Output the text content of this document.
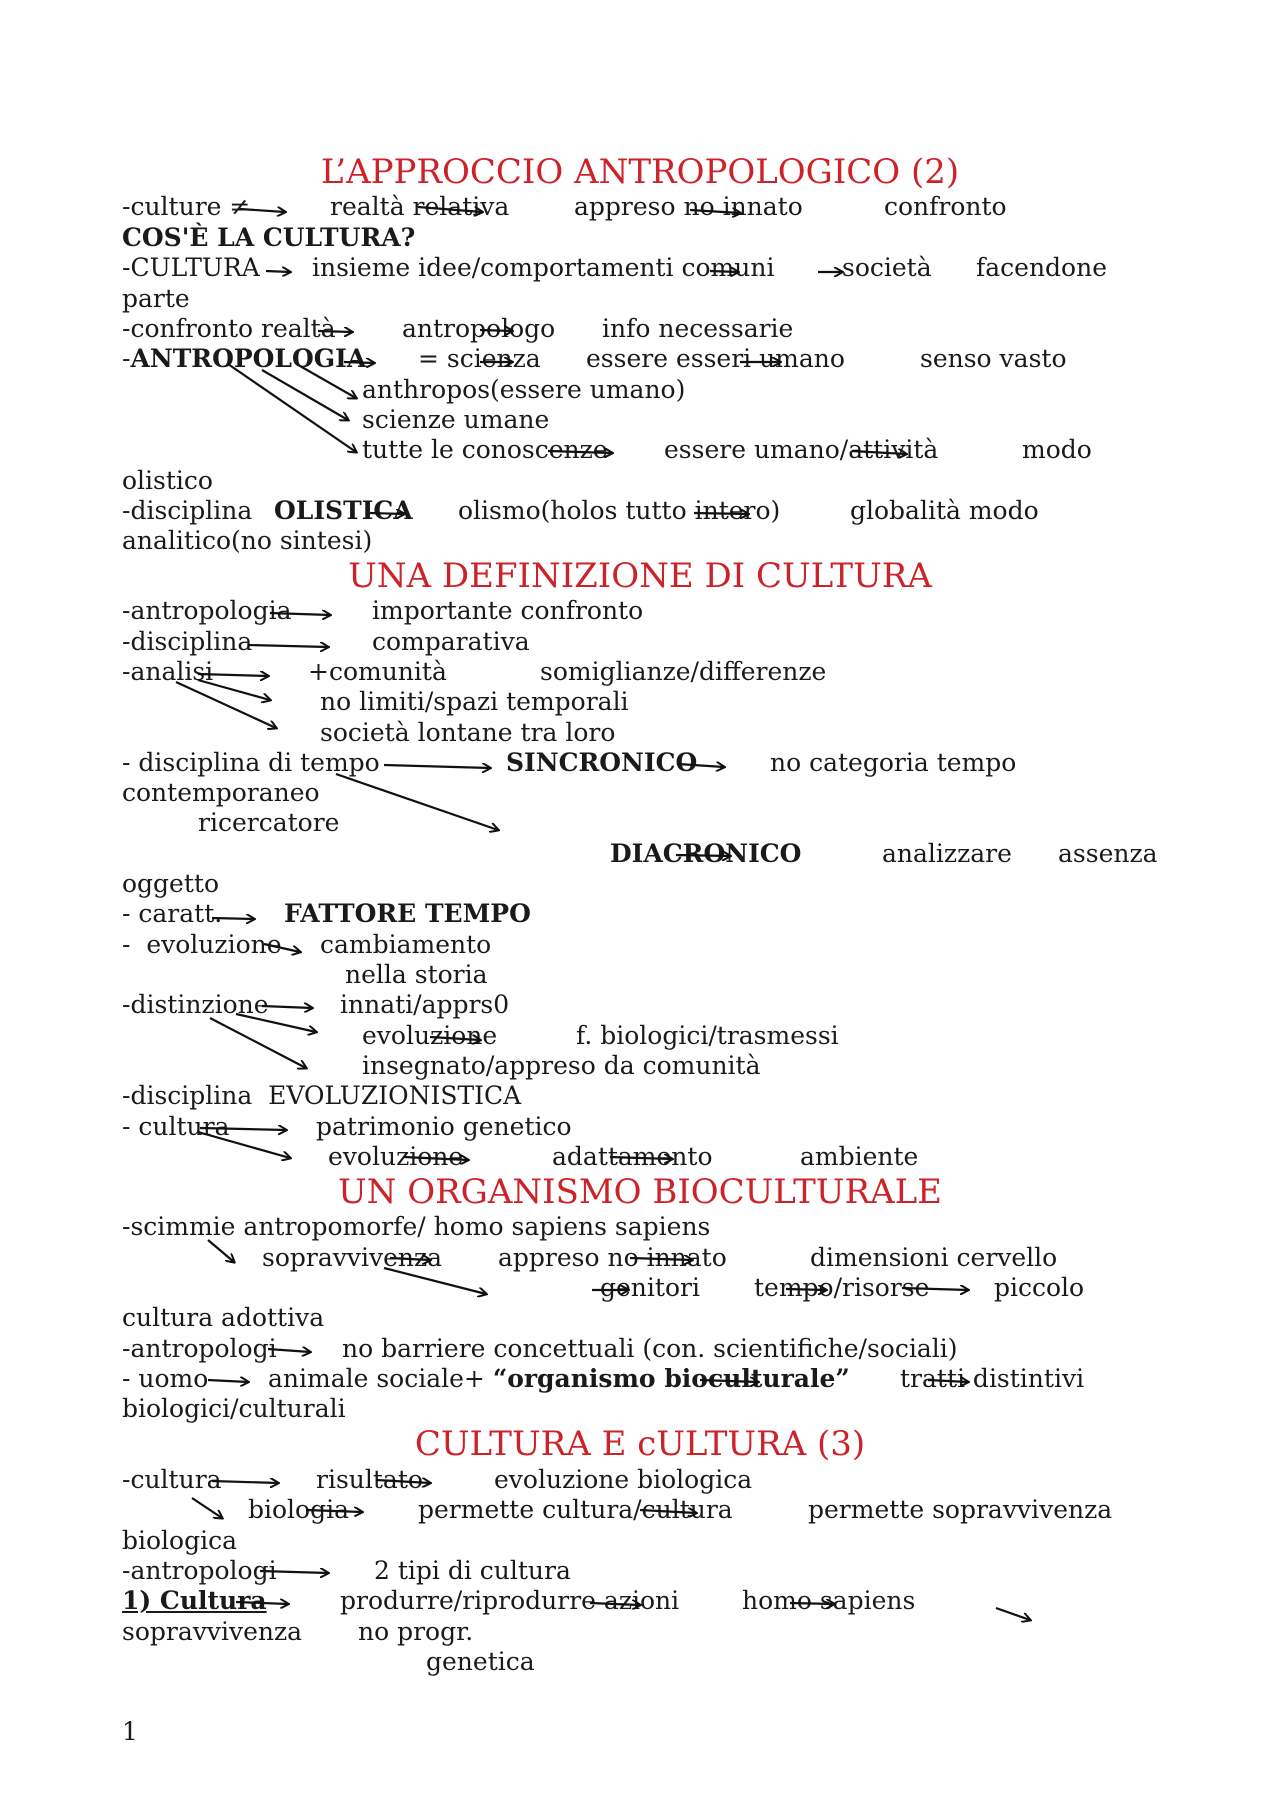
L’APPROCCIO ANTROPOLOGICO (2)
-culture ≠	realtà relativa	appreso no innato	confronto
COS'È LA CULTURA?
-CULTURA insieme idee/comportamenti comuni	società facendone
parte
-confronto realtà	antropologo info necessarie
-ANTROPOLOGIA = scienza essere esseri umano	senso vasto
anthropos(essere umano)
scienze umane
tutte le conoscenze essere umano/attività	modo
olistico
-disciplina OLISTICA olismo(holos tutto intero)	globalità modo
analitico(no sintesi)
UNA DEFINIZIONE DI CULTURA
-antropologia	importante confronto
-disciplina	comparativa
-analisi	+comunità	somiglianze/differenze
no limiti/spazi temporali
società lontane tra loro
- disciplina di tempo	SINCRONICO	no categoria tempo
contemporaneo
ricercatore
DIACRONICO	analizzare assenza
oggetto
- caratt. FATTORE TEMPO
-  evoluzione cambiamento
nella storia
-distinzione	innati/apprs0
evoluzione	f. biologici/trasmessi
insegnato/appreso da comunità
-disciplina  EVOLUZIONISTICA
- cultura	patrimonio genetico
evoluzione	adattamento	ambiente
UN ORGANISMO BIOCULTURALE
-scimmie antropomorfe/ homo sapiens sapiens
sopravvivenza appreso no innato	dimensioni cervello
genitori tempo/risorse	piccolo
cultura adottiva
-antropologi	no barriere concettuali (con. scientifiche/sociali)
- uomo animale sociale+ “organismo bioculturale” tratti distintivi
biologici/culturali
CULTURA E cULTURA (3)
-cultura	risultato	evoluzione biologica
biologia	permette cultura/cultura	permette sopravvivenza
biologica
-antropologi	2 tipi di cultura
1) Cultura	produrre/riprodurre azioni	homo sapiens
sopravvivenza no progr.
genetica
1
